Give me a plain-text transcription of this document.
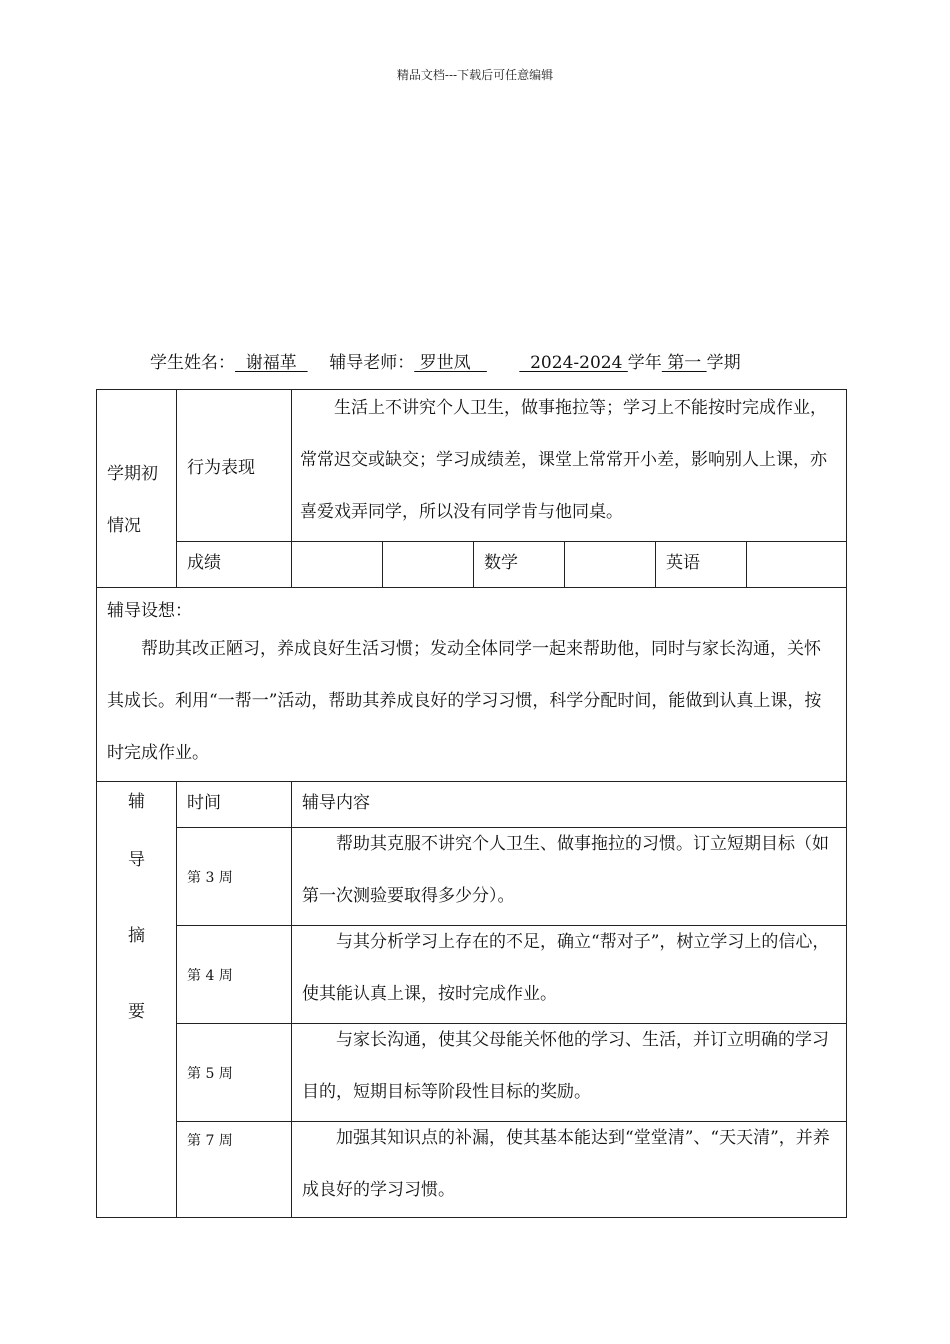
精品文档---下载后可任意编辑
学生姓名：  谢福革      辅导老师： 罗世凤           2024-2024 学年 第一 学期
学期初情况	行为表现	生活上不讲究个人卫生，做事拖拉等；学习上不能按时完成作业，常常迟交或缺交；学习成绩差，课堂上常常开小差，影响别人上课，亦喜爱戏弄同学，所以没有同学肯与他同桌。					

	成绩			数学		英语	

辅导设想：
帮助其改正陋习，养成良好生活习惯；发动全体同学一起来帮助他，同时与家长沟通，关怀其成长。利用“一帮一”活动，帮助其养成良好的学习习惯，科学分配时间，能做到认真上课，按时完成作业。							

辅
导
摘
要	时间	辅导内容					

	第 3 周	帮助其克服不讲究个人卫生、做事拖拉的习惯。订立短期目标（如第一次测验要取得多少分）。					

	第 4 周	与其分析学习上存在的不足，确立“帮对子”，树立学习上的信心，使其能认真上课，按时完成作业。					

	第 5 周	与家长沟通，使其父母能关怀他的学习、生活，并订立明确的学习目的，短期目标等阶段性目标的奖励。					

	第 7 周	加强其知识点的补漏，使其基本能达到“堂堂清”、“天天清”，并养成良好的学习习惯。					
